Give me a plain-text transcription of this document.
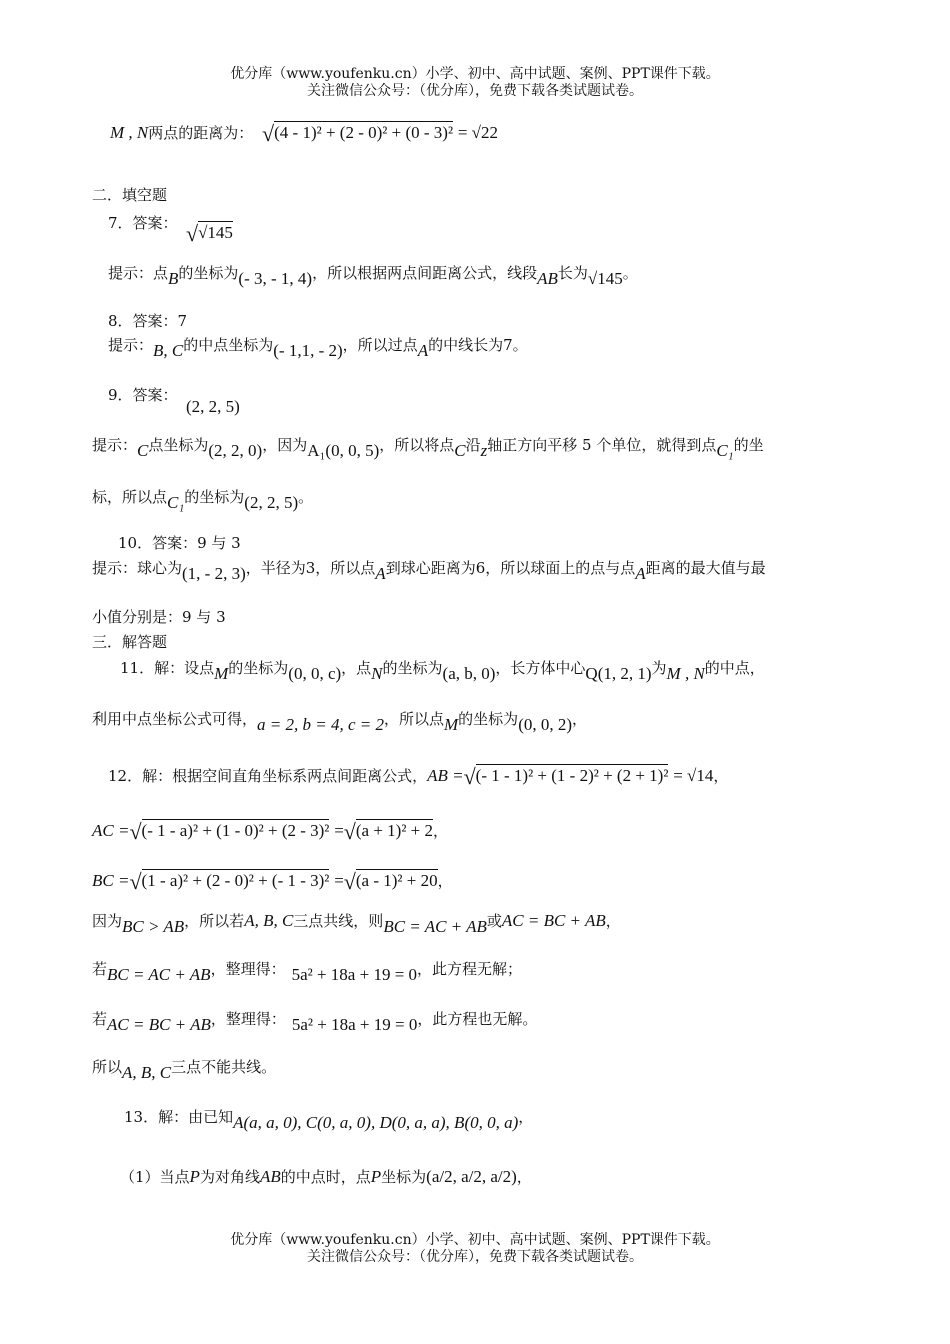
优分库（www.youfenku.cn）小学、初中、高中试题、案例、PPT课件下载。
关注微信公众号：（优分库），免费下载各类试题试卷。
M , N两点的距离为： √(4 - 1)² + (2 - 0)² + (0 - 3)² = √22
二．填空题
7．答案： √√145
提示：点B的坐标为(- 3, - 1, 4)，所以根据两点间距离公式，线段AB长为√145。
8．答案：7
提示：B, C的中点坐标为(- 1,1, - 2)，所以过点A的中线长为7。
9．答案：
(2, 2, 5)
提示：C点坐标为(2, 2, 0)，因为A₁(0, 0, 5)，所以将点C沿z轴正方向平移 5 个单位，就得到点C₁的坐
标，所以点C₁的坐标为(2, 2, 5)。
10．答案：9 与 3
提示：球心为(1, - 2, 3)，半径为3，所以点A到球心距离为6，所以球面上的点与点A距离的最大值与最
小值分别是：9 与 3
三．解答题
11．解：设点M的坐标为(0, 0, c)，点N的坐标为(a, b, 0)，长方体中心Q(1, 2, 1)为M , N的中点，
利用中点坐标公式可得，a = 2, b = 4, c = 2，所以点M的坐标为(0, 0, 2)，
12．解：根据空间直角坐标系两点间距离公式，AB =√(- 1 - 1)² + (1 - 2)² + (2 + 1)² = √14，
AC =√(- 1 - a)² + (1 - 0)² + (2 - 3)² =√(a + 1)² + 2，
BC =√(1 - a)² + (2 - 0)² + (- 1 - 3)² =√(a - 1)² + 20，
因为BC > AB，所以若A, B, C三点共线，则BC = AC + AB或AC = BC + AB，
若BC = AC + AB，整理得： 5a² + 18a + 19 = 0，此方程无解；
若AC = BC + AB，整理得： 5a² + 18a + 19 = 0，此方程也无解。
所以A, B, C三点不能共线。
13．解：由已知A(a, a, 0), C(0, a, 0), D(0, a, a), B(0, 0, a)，
（1）当点P为对角线AB的中点时，点P坐标为(a/2, a/2, a/2)，
优分库（www.youfenku.cn）小学、初中、高中试题、案例、PPT课件下载。
关注微信公众号：（优分库），免费下载各类试题试卷。
